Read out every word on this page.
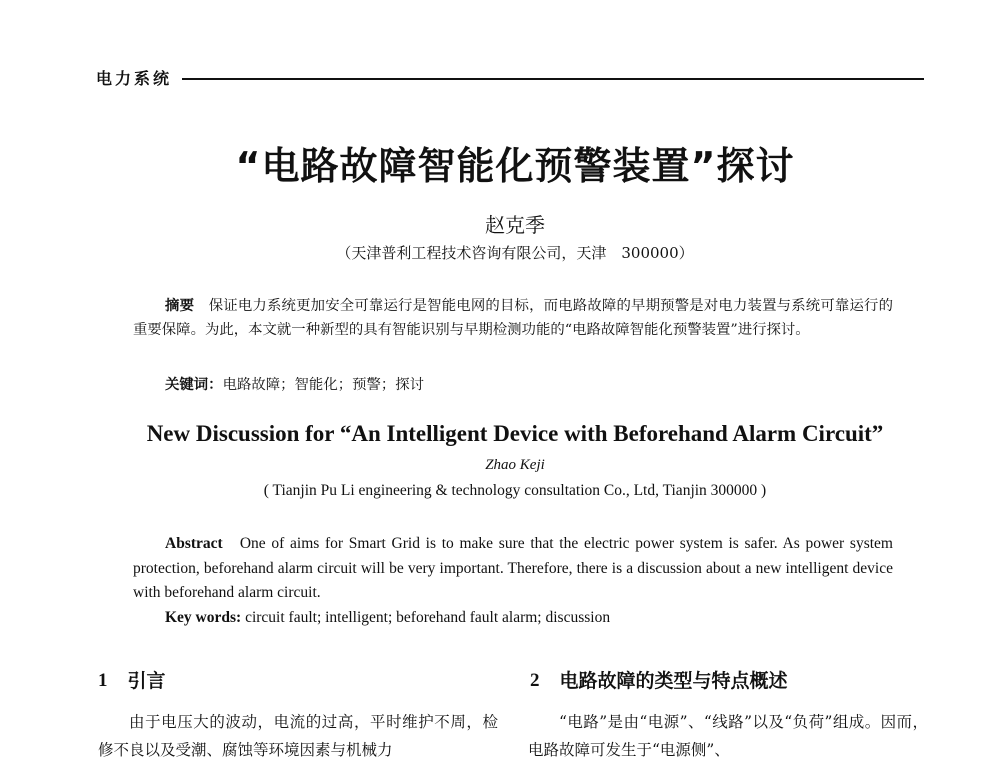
电力系统
“电路故障智能化预警装置”探讨
赵克季
（天津普利工程技术咨询有限公司，天津　300000）

摘要　 保证电力系统更加安全可靠运行是智能电网的目标，而电路故障的早期预警是对电力装置与系统可靠运行的重要保障。为此，本文就一种新型的具有智能识别与早期检测功能的“电路故障智能化预警装置”进行探讨。

关键词：电路故障；智能化；预警；探讨

New Discussion for “An Intelligent Device with Beforehand Alarm Circuit”
Zhao Keji
( Tianjin Pu Li engineering & technology consultation Co., Ltd, Tianjin 300000 )

Abstract One of aims for Smart Grid is to make sure that the electric power system is safer. As power system protection, beforehand alarm circuit will be very important. Therefore, there is a discussion about a new intelligent device with beforehand alarm circuit.

Key words: circuit fault; intelligent; beforehand fault alarm; discussion

1 引言	2 电路故障的类型与特点概述

由于电压大的波动，电流的过高，平时维护不周，检修不良以及受潮、腐蚀等环境因素与机械力

“电路”是由“电源”、“线路”以及“负荷”组成。因而，电路故障可发生于“电源侧”、
